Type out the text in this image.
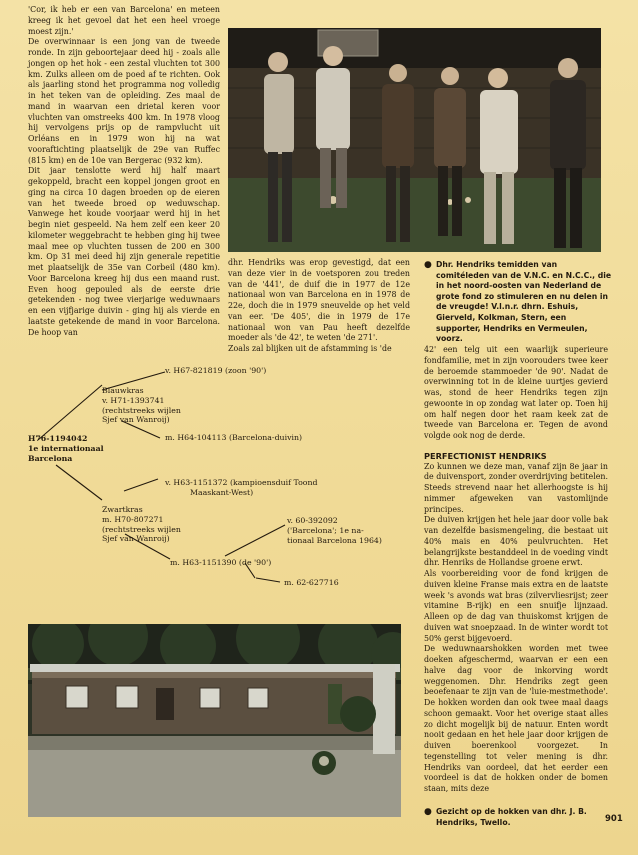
'Cor, ik heb er een van Barcelona' en meteen kreeg ik het gevoel dat het een heel vroege moest zijn.'

De overwinnaar is een jong van de tweede ronde. In zijn geboortejaar deed hij - zoals alle jongen op het hok - een zestal vluchten tot 300 km. Zulks alleen om de poed af te richten. Ook als jaarling stond het programma nog volledig in het teken van de opleiding. Zes maal de mand in waarvan een drietal keren voor vluchten van omstreeks 400 km. In 1978 vloog hij vervolgens prijs op de rampvlucht uit Orléans en in 1979 won hij na wat vooraftichting plaatselijk de 29e van Ruffec (815 km) en de 10e van Bergerac (932 km).

Dit jaar tenslotte werd hij half maart gekoppeld, bracht een koppel jongen groot en ging na circa 10 dagen broeden op de eieren van het tweede broed op weduwschap. Vanwege het koude voorjaar werd hij in het begin niet gespeeld. Na hem zelf een keer 20 kilometer weggebracht te hebben ging hij twee maal mee op vluchten tussen de 200 en 300 km. Op 31 mei deed hij zijn generale repetitie met plaatselijk de 35e van Corbeil (480 km). Voor Barcelona kreeg hij dus een maand rust. Even hoog gepouled als de eerste drie getekenden - nog twee vierjarige weduwnaars en een vijfjarige duivin - ging hij als vierde en laatste getekende de mand in voor Barcelona. De hoop van

dhr. Hendriks was erop gevestigd, dat een van deze vier in de voetsporen zou treden van de '441', de duif die in 1977 de 12e nationaal won van Barcelona en in 1978 de 22e, doch die in 1979 sneuvelde op het veld van eer. 'De 405', die in 1979 de 17e nationaal won van Pau heeft dezelfde moeder als 'de 42', te weten 'de 271'.

Zoals zal blijken uit de afstamming is 'de

● Dhr. Hendriks temidden van comitéleden van de V.N.C. en N.C.C., die in het noord-oosten van Nederland de grote fond zo stimuleren en nu delen in de vreugde! V.l.n.r. dhrn. Eshuis, Gierveld, Kolkman, Stern, een supporter, Hendriks en Vermeulen, voorz.

42' een telg uit een waarlijk superieure fondfamilie, met in zijn voorouders twee keer de beroemde stammoeder 'de 90'. Nadat de overwinning tot in de kleine uurtjes gevierd was, stond de heer Hendriks tegen zijn gewoonte in op zondag wat later op. Toen hij om half negen door het raam keek zat de tweede van Barcelona er. Tegen de avond volgde ook nog de derde.

PERFECTIONIST HENDRIKS

Zo kunnen we deze man, vanaf zijn 8e jaar in de duivensport, zonder overdrijving betitelen. Steeds strevend naar het allerhoogste is hij nimmer afgeweken van vastomlijnde principes.

De duiven krijgen het hele jaar door volle bak van dezelfde basismengeling, die bestaat uit 40% mais en 40% peulvruchten. Het belangrijkste bestanddeel in de voeding vindt dhr. Henriks de Hollandse groene erwt.

Als voorbereiding voor de fond krijgen de duiven kleine Franse mais extra en de laatste week 's avonds wat bras (zilvervliesrijst; zeer vitamine B-rijk) en een snuifje lijnzaad. Alleen op de dag van thuiskomst krijgen de duiven wat snoepzaad. In de winter wordt tot 50% gerst bijgevoerd.

De weduwnaarshokken worden met twee doeken afgeschermd, waarvan er een een halve dag voor de inkorving wordt weggenomen. Dhr. Hendriks zegt geen beoefenaar te zijn van de 'luie-mestmethode'. De hokken worden dan ook twee maal daags schoon gemaakt. Voor het overige staat alles zo dicht mogelijk bij de natuur. Enten wordt nooit gedaan en het hele jaar door krijgen de duiven boerenkool voorgezet. In tegenstelling tot veler mening is dhr. Hendriks van oordeel, dat het eerder een voordeel is dat de hokken onder de bomen staan, mits deze

v. H67-821819 (zoon '90')
Blauwkras
v. H71-1393741
(rechtstreeks wijlen
Sjef van Wanroij)
m. H64-104113 (Barcelona-duivin)
H76-1194042
1e internationaal
Barcelona
v. H63-1151372 (kampioensduif Toond
Maaskant-West)
Zwartkras
m. H70-807271
(rechtstreeks wijlen
Sjef van Wanroij)
v. 60-392092
('Barcelona'; 1e na-
tionaal Barcelona 1964)
m. H63-1151390 (de '90')
m. 62-627716
● Gezicht op de hokken van dhr. J. B. Hendriks, Twello.	901
